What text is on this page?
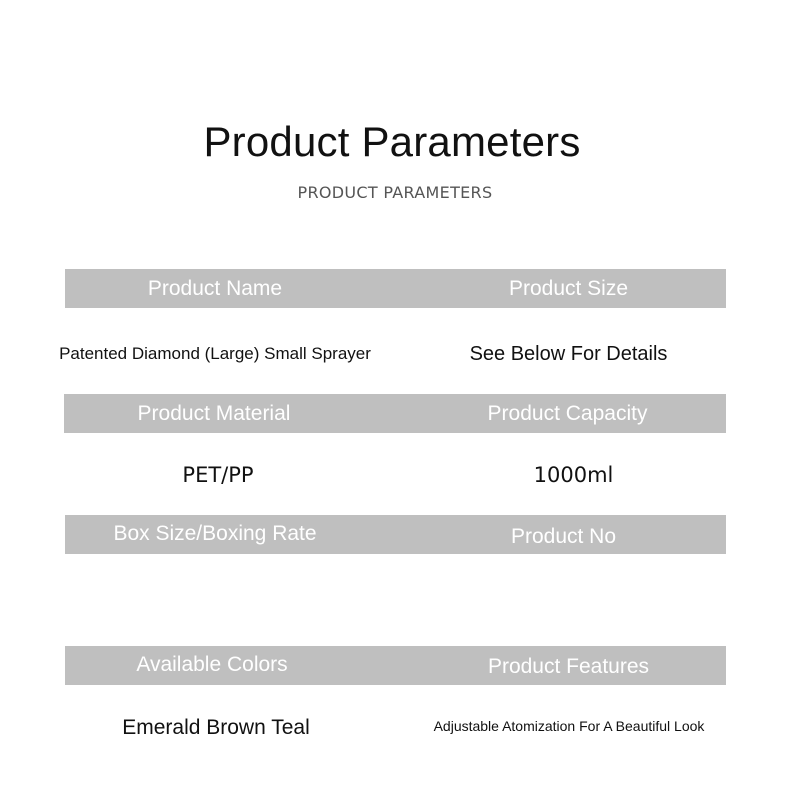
Product Parameters
PRODUCT PARAMETERS
Product Name	Product Size
Patented Diamond (Large) Small Sprayer	See Below For Details
Product Material	Product Capacity
PET/PP	1000ml
Box Size/Boxing Rate	Product No
Available Colors	Product Features
Emerald Brown Teal	Adjustable Atomization For A Beautiful Look
